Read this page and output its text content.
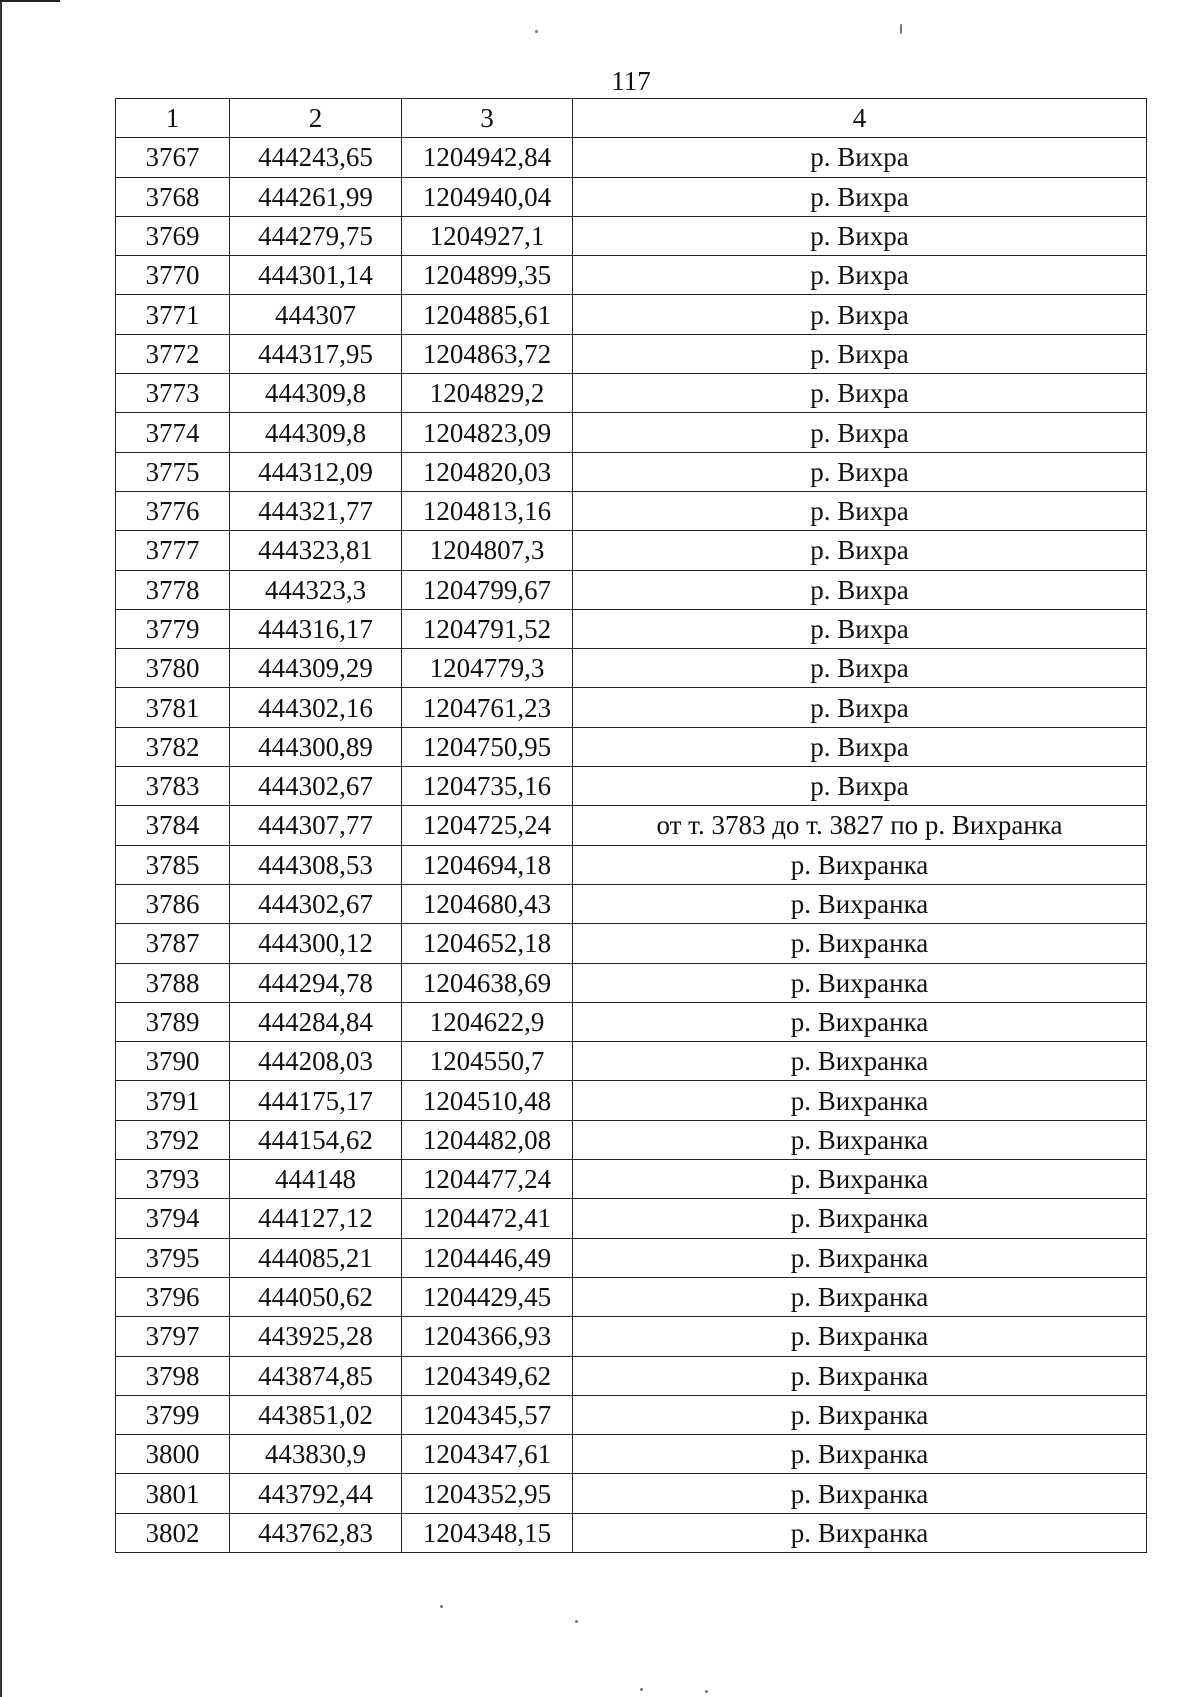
117
1	2	3	4
3767	444243,65	1204942,84	р. Вихра
3768	444261,99	1204940,04	р. Вихра
3769	444279,75	1204927,1	р. Вихра
3770	444301,14	1204899,35	р. Вихра
3771	444307	1204885,61	р. Вихра
3772	444317,95	1204863,72	р. Вихра
3773	444309,8	1204829,2	р. Вихра
3774	444309,8	1204823,09	р. Вихра
3775	444312,09	1204820,03	р. Вихра
3776	444321,77	1204813,16	р. Вихра
3777	444323,81	1204807,3	р. Вихра
3778	444323,3	1204799,67	р. Вихра
3779	444316,17	1204791,52	р. Вихра
3780	444309,29	1204779,3	р. Вихра
3781	444302,16	1204761,23	р. Вихра
3782	444300,89	1204750,95	р. Вихра
3783	444302,67	1204735,16	р. Вихра
3784	444307,77	1204725,24	от т. 3783 до т. 3827 по р. Вихранка
3785	444308,53	1204694,18	р. Вихранка
3786	444302,67	1204680,43	р. Вихранка
3787	444300,12	1204652,18	р. Вихранка
3788	444294,78	1204638,69	р. Вихранка
3789	444284,84	1204622,9	р. Вихранка
3790	444208,03	1204550,7	р. Вихранка
3791	444175,17	1204510,48	р. Вихранка
3792	444154,62	1204482,08	р. Вихранка
3793	444148	1204477,24	р. Вихранка
3794	444127,12	1204472,41	р. Вихранка
3795	444085,21	1204446,49	р. Вихранка
3796	444050,62	1204429,45	р. Вихранка
3797	443925,28	1204366,93	р. Вихранка
3798	443874,85	1204349,62	р. Вихранка
3799	443851,02	1204345,57	р. Вихранка
3800	443830,9	1204347,61	р. Вихранка
3801	443792,44	1204352,95	р. Вихранка
3802	443762,83	1204348,15	р. Вихранка
